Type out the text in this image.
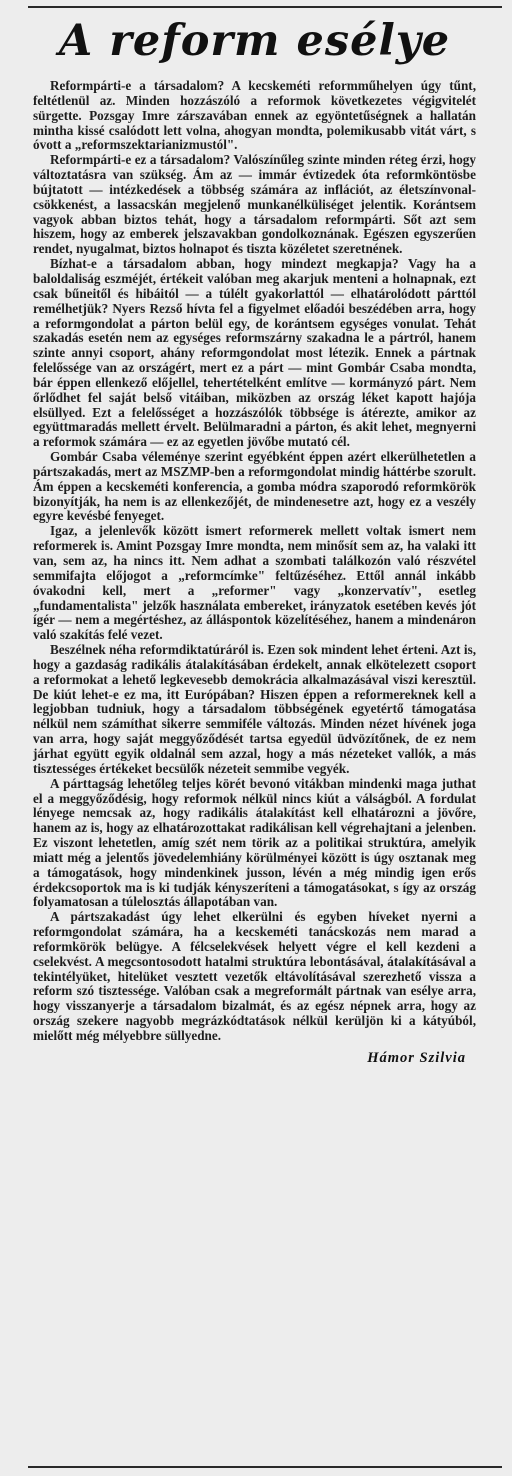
A reform esélye

Reformpárti-e a társadalom? A kecskeméti reformműhelyen úgy tűnt, feltétlenül az. Minden hozzászóló a reformok következetes végigvitelét sürgette. Pozsgay Imre zárszavában ennek az egyöntetűségnek a hallatán mintha kissé csalódott lett volna, ahogyan mondta, polemikusabb vitát várt, s óvott a „reformszektarianizmustól".

Reformpárti-e ez a társadalom? Valószínűleg szinte minden réteg érzi, hogy változtatásra van szükség. Ám az — immár évtizedek óta reformköntösbe bújtatott — intézkedések a többség számára az inflációt, az életszínvonal-csökkenést, a lassacskán megjelenő munkanélküliséget jelentik. Korántsem vagyok abban biztos tehát, hogy a társadalom reformpárti. Sőt azt sem hiszem, hogy az emberek jelszavakban gondolkoznának. Egészen egyszerűen rendet, nyugalmat, biztos holnapot és tiszta közéletet szeretnének.

Bízhat-e a társadalom abban, hogy mindezt megkapja? Vagy ha a baloldaliság eszméjét, értékeit valóban meg akarjuk menteni a holnapnak, ezt csak bűneitől és hibáitól — a túlélt gyakorlattól — elhatárolódott párttól remélhetjük? Nyers Rezső hívta fel a figyelmet előadói beszédében arra, hogy a reformgondolat a párton belül egy, de korántsem egységes vonulat. Tehát szakadás esetén nem az egységes reformszárny szakadna le a pártról, hanem szinte annyi csoport, ahány reformgondolat most létezik. Ennek a pártnak felelőssége van az országért, mert ez a párt — mint Gombár Csaba mondta, bár éppen ellenkező előjellel, tehertételként említve — kormányzó párt. Nem őrlődhet fel saját belső vitáiban, miközben az ország léket kapott hajója elsüllyed. Ezt a felelősséget a hozzászólók többsége is átérezte, amikor az együttmaradás mellett érvelt. Belülmaradni a párton, és akit lehet, megnyerni a reformok számára — ez az egyetlen jövőbe mutató cél.

Gombár Csaba véleménye szerint egyébként éppen azért elkerülhetetlen a pártszakadás, mert az MSZMP-ben a reformgondolat mindig háttérbe szorult. Ám éppen a kecskeméti konferencia, a gomba módra szaporodó reformkörök bizonyítják, ha nem is az ellenkezőjét, de mindenesetre azt, hogy ez a veszély egyre kevésbé fenyeget.

Igaz, a jelenlevők között ismert reformerek mellett voltak ismert nem reformerek is. Amint Pozsgay Imre mondta, nem minősít sem az, ha valaki itt van, sem az, ha nincs itt. Nem adhat a szombati találkozón való részvétel semmifajta előjogot a „reformcímke" feltűzéséhez. Ettől annál inkább óvakodni kell, mert a „reformer" vagy „konzervatív", esetleg „fundamentalista" jelzők használata embereket, irányzatok esetében kevés jót ígér — nem a megértéshez, az álláspontok közelítéséhez, hanem a mindenáron való szakítás felé vezet.

Beszélnek néha reformdiktatúráról is. Ezen sok mindent lehet érteni. Azt is, hogy a gazdaság radikális átalakításában érdekelt, annak elkötelezett csoport a reformokat a lehető legkevesebb demokrácia alkalmazásával viszi keresztül. De kiút lehet-e ez ma, itt Európában? Hiszen éppen a reformereknek kell a legjobban tudniuk, hogy a társadalom többségének egyetértő támogatása nélkül nem számíthat sikerre semmiféle változás. Minden nézet hívének joga van arra, hogy saját meggyőződését tartsa egyedül üdvözítőnek, de ez nem járhat együtt egyik oldalnál sem azzal, hogy a más nézeteket vallók, a más tisztességes értékeket becsülők nézeteit semmibe vegyék.

A párttagság lehetőleg teljes körét bevonó vitákban mindenki maga juthat el a meggyőződésig, hogy reformok nélkül nincs kiút a válságból. A fordulat lényege nemcsak az, hogy radikális átalakítást kell elhatározni a jövőre, hanem az is, hogy az elhatározottakat radikálisan kell végrehajtani a jelenben. Ez viszont lehetetlen, amíg szét nem törik az a politikai struktúra, amelyik miatt még a jelentős jövedelemhiány körülményei között is úgy osztanak meg a támogatások, hogy mindenkinek jusson, lévén a még mindig igen erős érdekcsoportok ma is ki tudják kényszeríteni a támogatásokat, s így az ország folyamatosan a túlelosztás állapotában van.

A pártszakadást úgy lehet elkerülni és egyben híveket nyerni a reformgondolat számára, ha a kecskeméti tanácskozás nem marad a reformkörök belügye. A félcselekvések helyett végre el kell kezdeni a cselekvést. A megcsontosodott hatalmi struktúra lebontásával, átalakításával a tekintélyüket, hitelüket vesztett vezetők eltávolításával szerezhető vissza a reform szó tisztessége. Valóban csak a megreformált pártnak van esélye arra, hogy visszanyerje a társadalom bizalmát, és az egész népnek arra, hogy az ország szekere nagyobb megrázkódtatások nélkül kerüljön ki a kátyúból, mielőtt még mélyebbre süllyedne.

Hámor Szilvia
